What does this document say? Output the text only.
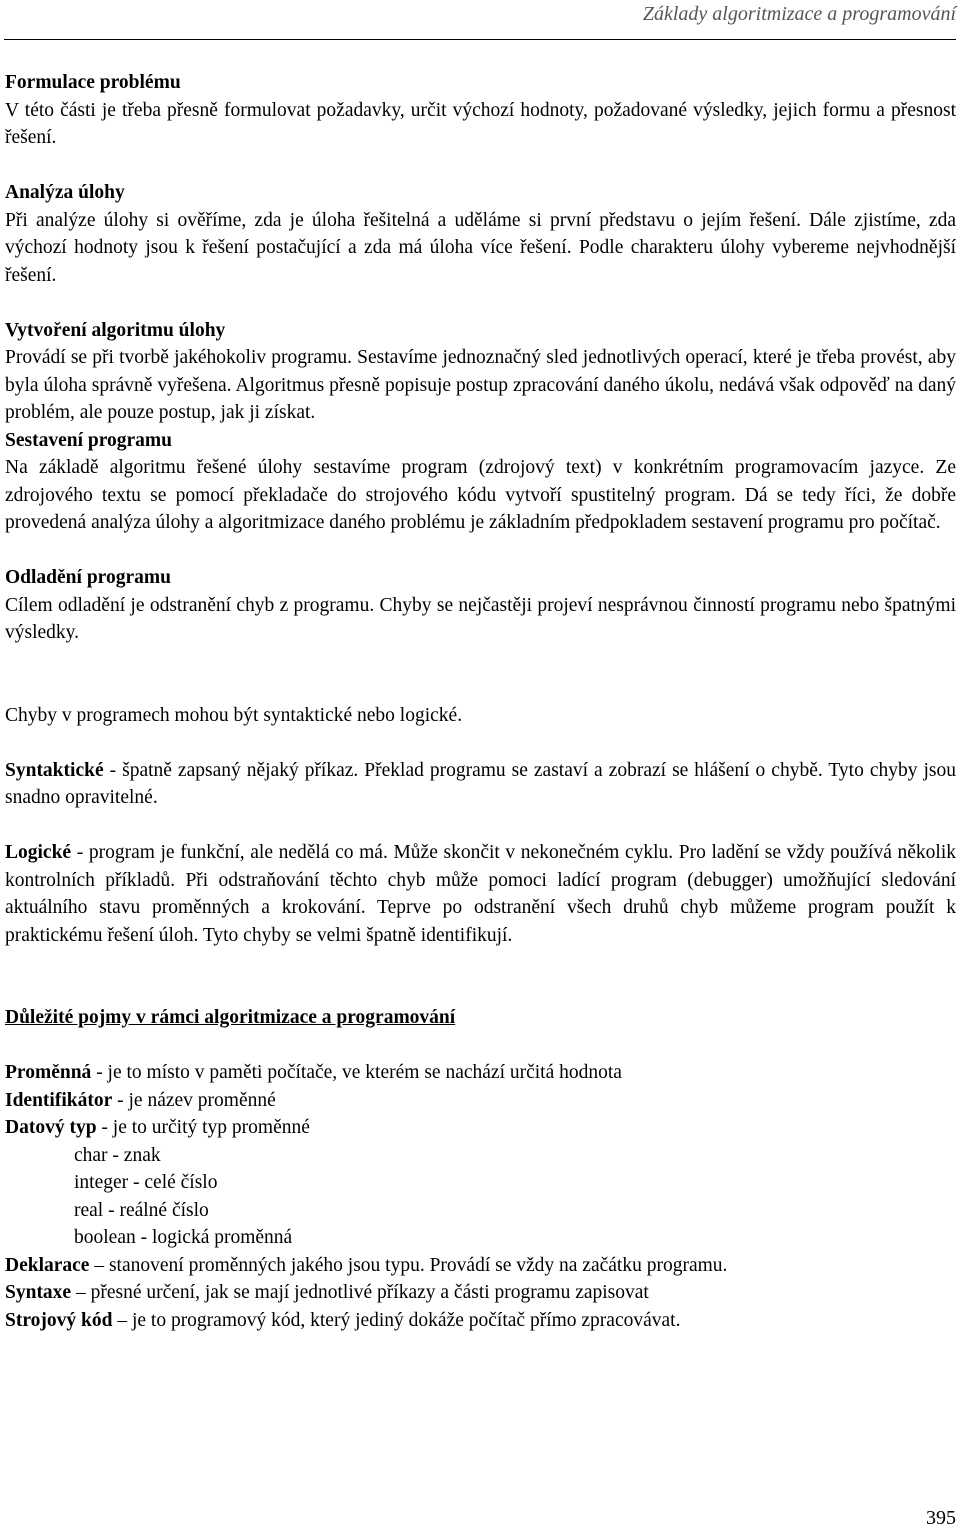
Základy algoritmizace a programování
Formulace problému

V této části je třeba přesně formulovat požadavky, určit výchozí hodnoty, požadované výsledky, jejich formu a přesnost řešení.

Analýza úlohy

Při analýze úlohy si ověříme, zda je úloha řešitelná a uděláme si první představu o jejím řešení. Dále zjistíme, zda výchozí hodnoty jsou k řešení postačující a zda má úloha více řešení. Podle charakteru úlohy vybereme nejvhodnější řešení.

Vytvoření algoritmu úlohy

Provádí se při tvorbě jakéhokoliv programu. Sestavíme jednoznačný sled jednotlivých operací, které je třeba provést, aby byla úloha správně vyřešena. Algoritmus přesně popisuje postup zpracování daného úkolu, nedává však odpověď na daný problém, ale pouze postup, jak ji získat.

Sestavení programu

Na základě algoritmu řešené úlohy sestavíme program (zdrojový text) v konkrétním programovacím jazyce. Ze zdrojového textu se pomocí překladače do strojového kódu vytvoří spustitelný program. Dá se tedy říci, že dobře provedená analýza úlohy a algoritmizace daného problému je základním předpokladem sestavení programu pro počítač.

Odladění programu

Cílem odladění je odstranění chyb z programu. Chyby se nejčastěji projeví nesprávnou činností programu nebo špatnými výsledky.

Chyby v programech mohou být syntaktické nebo logické.

Syntaktické - špatně zapsaný nějaký příkaz. Překlad programu se zastaví a zobrazí se hlášení o chybě. Tyto chyby jsou snadno opravitelné.

Logické - program je funkční, ale nedělá co má. Může skončit v nekonečném cyklu. Pro ladění se vždy používá několik kontrolních příkladů. Při odstraňování těchto chyb může pomoci ladící program (debugger) umožňující sledování aktuálního stavu proměnných a krokování. Teprve po odstranění všech druhů chyb můžeme program použít k praktickému řešení úloh. Tyto chyby se velmi špatně identifikují.

Důležité pojmy v rámci algoritmizace a programování

Proměnná - je to místo v paměti počítače, ve kterém se nachází určitá hodnota

Identifikátor - je název proměnné

Datový typ - je to určitý typ proměnné

char - znak

integer - celé číslo

real - reálné číslo

boolean - logická proměnná

Deklarace – stanovení proměnných jakého jsou typu. Provádí se vždy na začátku programu.

Syntaxe – přesné určení, jak se mají jednotlivé příkazy a části programu zapisovat

Strojový kód – je to programový kód, který jediný dokáže počítač přímo zpracovávat.

395
